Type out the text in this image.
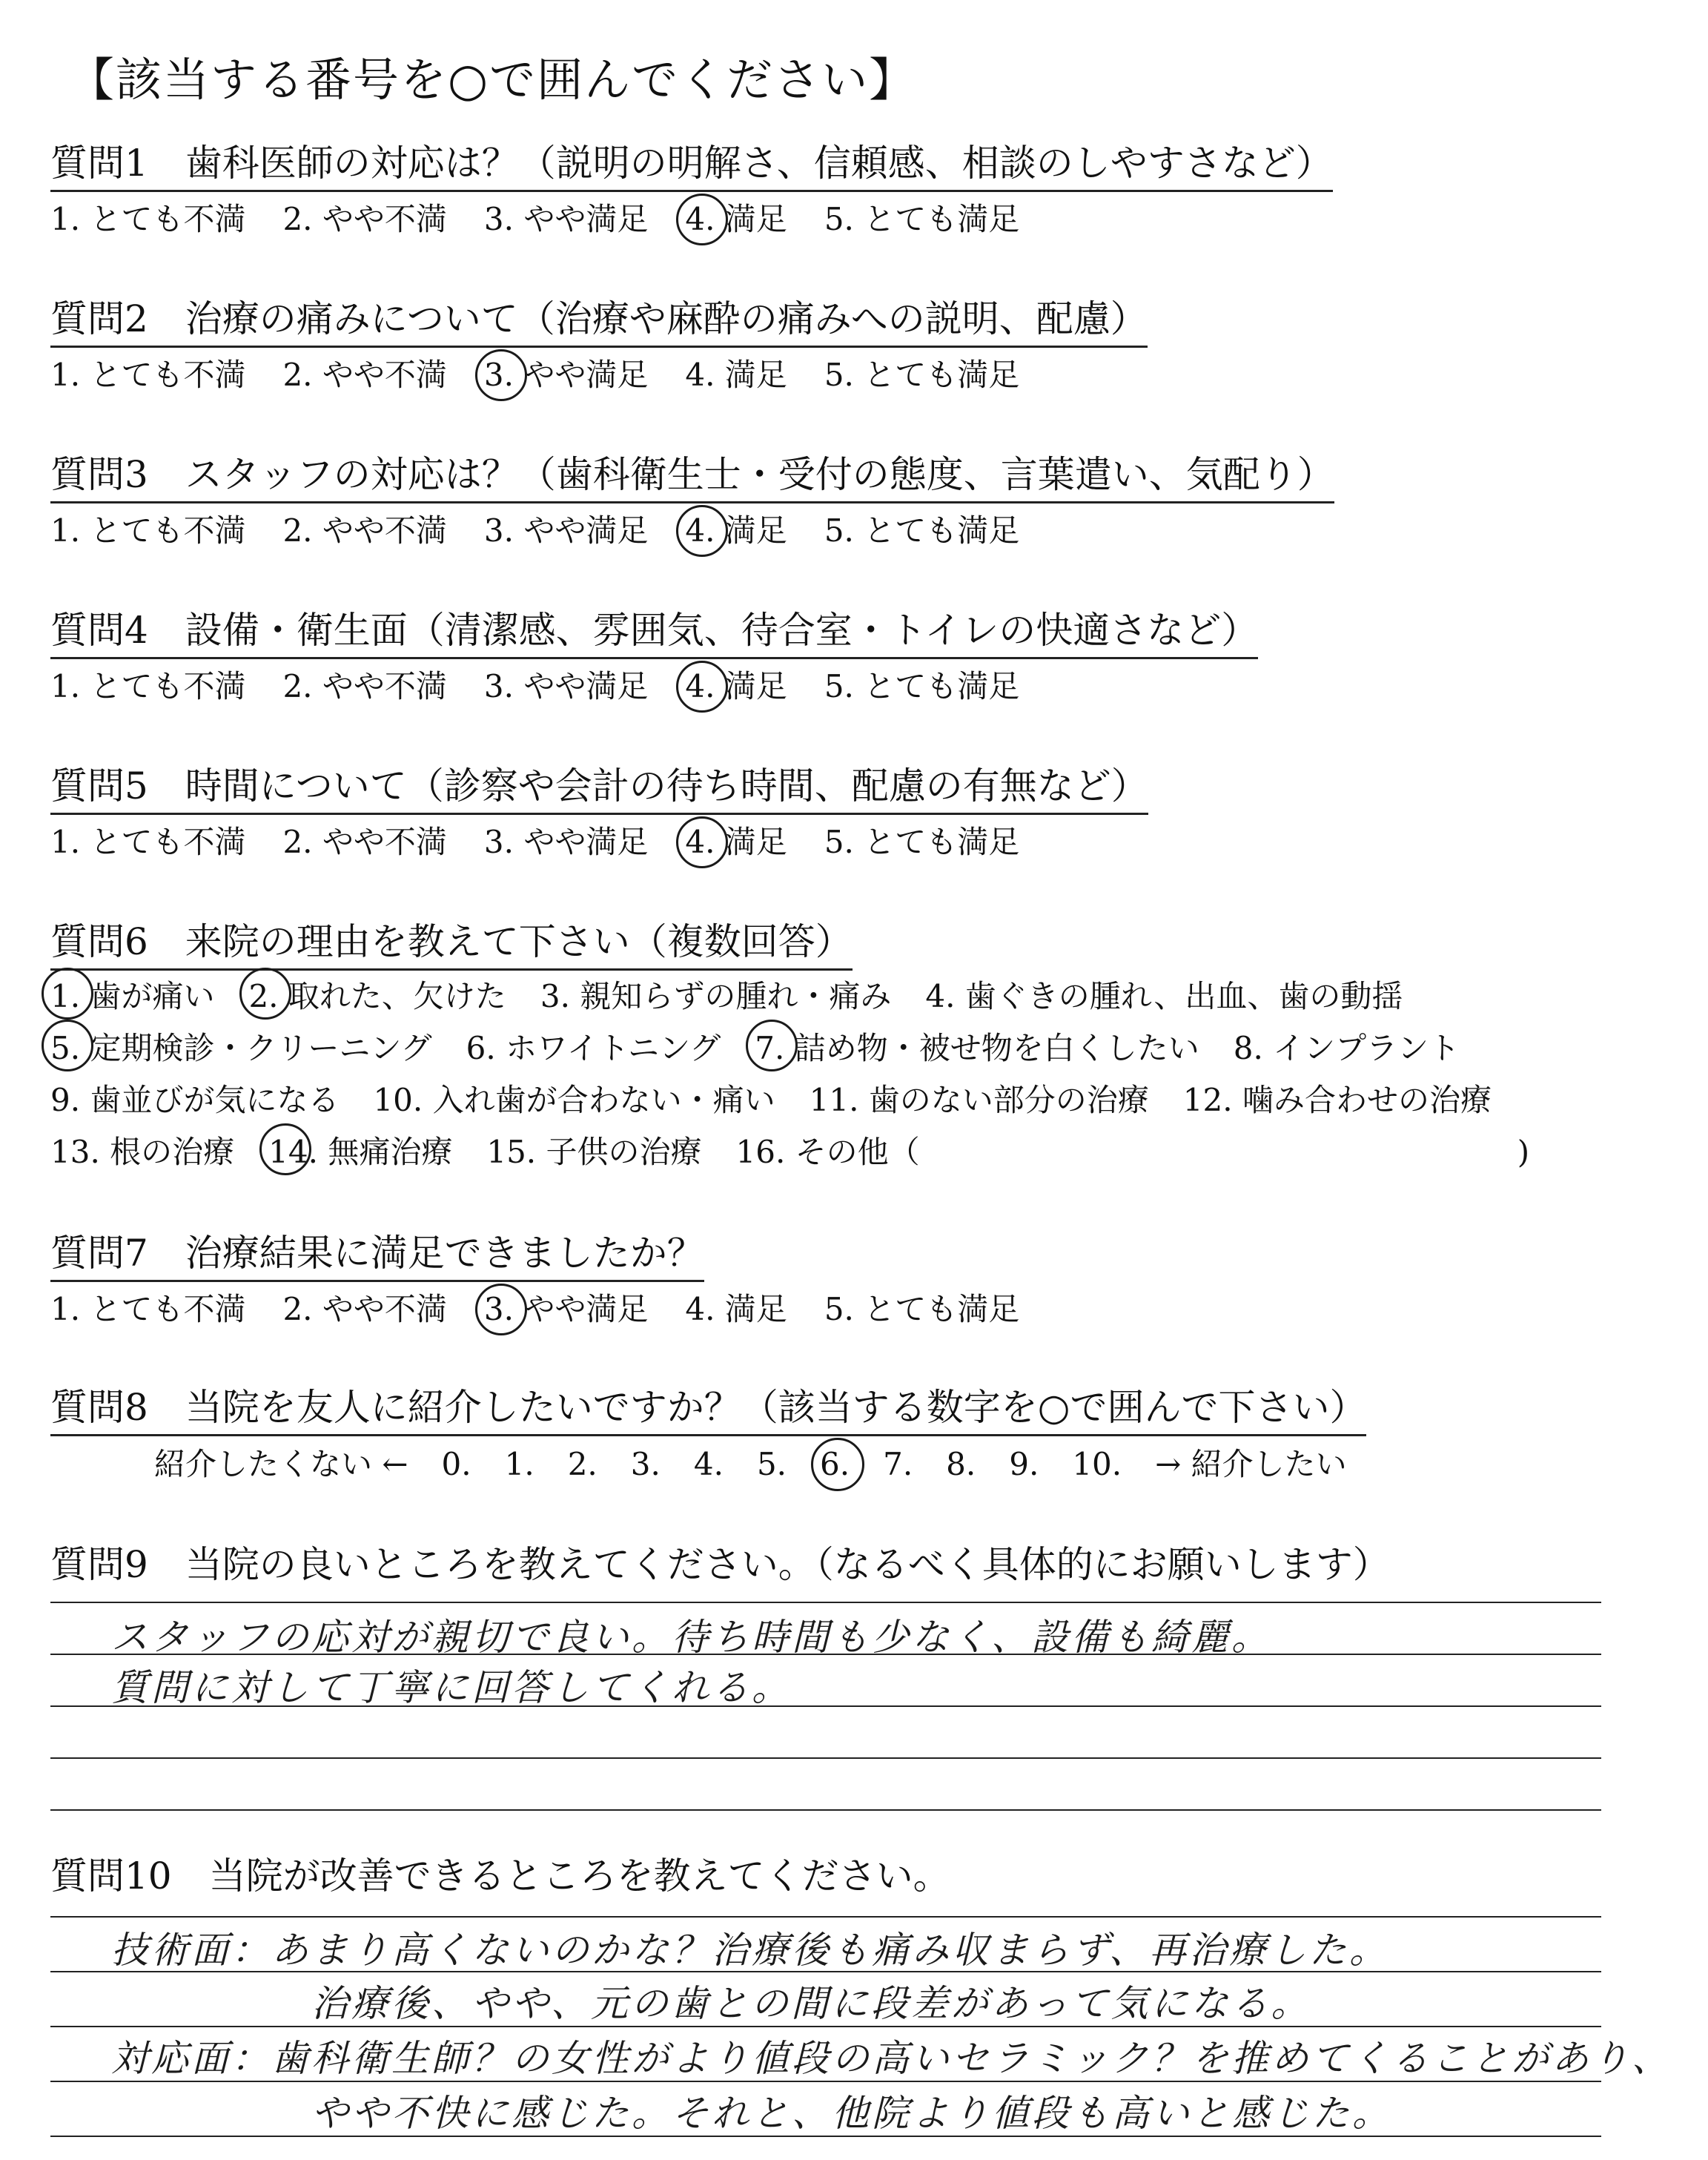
【該当する番号を○で囲んでください】
質問1　歯科医師の対応は？（説明の明解さ、信頼感、相談のしやすさなど）
1. とても不満 2. やや不満 3. やや満足 4. 満足 5. とても満足
質問2　治療の痛みについて（治療や麻酔の痛みへの説明、配慮）
1. とても不満 2. やや不満 3. やや満足 4. 満足 5. とても満足
質問3　スタッフの対応は？（歯科衛生士・受付の態度、言葉遣い、気配り）
1. とても不満 2. やや不満 3. やや満足 4. 満足 5. とても満足
質問4　設備・衛生面（清潔感、雰囲気、待合室・トイレの快適さなど）
1. とても不満 2. やや不満 3. やや満足 4. 満足 5. とても満足
質問5　時間について（診察や会計の待ち時間、配慮の有無など）
1. とても不満 2. やや不満 3. やや満足 4. 満足 5. とても満足
質問6　来院の理由を教えて下さい（複数回答）
1. 歯が痛い 2. 取れた、欠けた 3. 親知らずの腫れ・痛み 4. 歯ぐきの腫れ、出血、歯の動揺
5. 定期検診・クリーニング 6. ホワイトニング 7. 詰め物・被せ物を白くしたい 8. インプラント
9. 歯並びが気になる 10. 入れ歯が合わない・痛い 11. 歯のない部分の治療 12. 噛み合わせの治療
13. 根の治療 14. 無痛治療 15. 子供の治療 16. その他（	)
質問7　治療結果に満足できましたか？
1. とても不満 2. やや不満 3. やや満足 4. 満足 5. とても満足
質問8　当院を友人に紹介したいですか？（該当する数字を○で囲んで下さい）
紹介したくない ← 0. 1. 2. 3. 4. 5. 6. 7. 8. 9. 10. → 紹介したい
質問9　当院の良いところを教えてください。（なるべく具体的にお願いします）
スタッフの応対が親切で良い。待ち時間も少なく、設備も綺麗。
質問に対して丁寧に回答してくれる。
質問10　当院が改善できるところを教えてください。
技術面：あまり高くないのかな？治療後も痛み収まらず、再治療した。
治療後、やや、元の歯との間に段差があって気になる。
対応面：歯科衛生師？の女性がより値段の高いセラミック？を推めてくることがあり、
やや不快に感じた。それと、他院より値段も高いと感じた。
